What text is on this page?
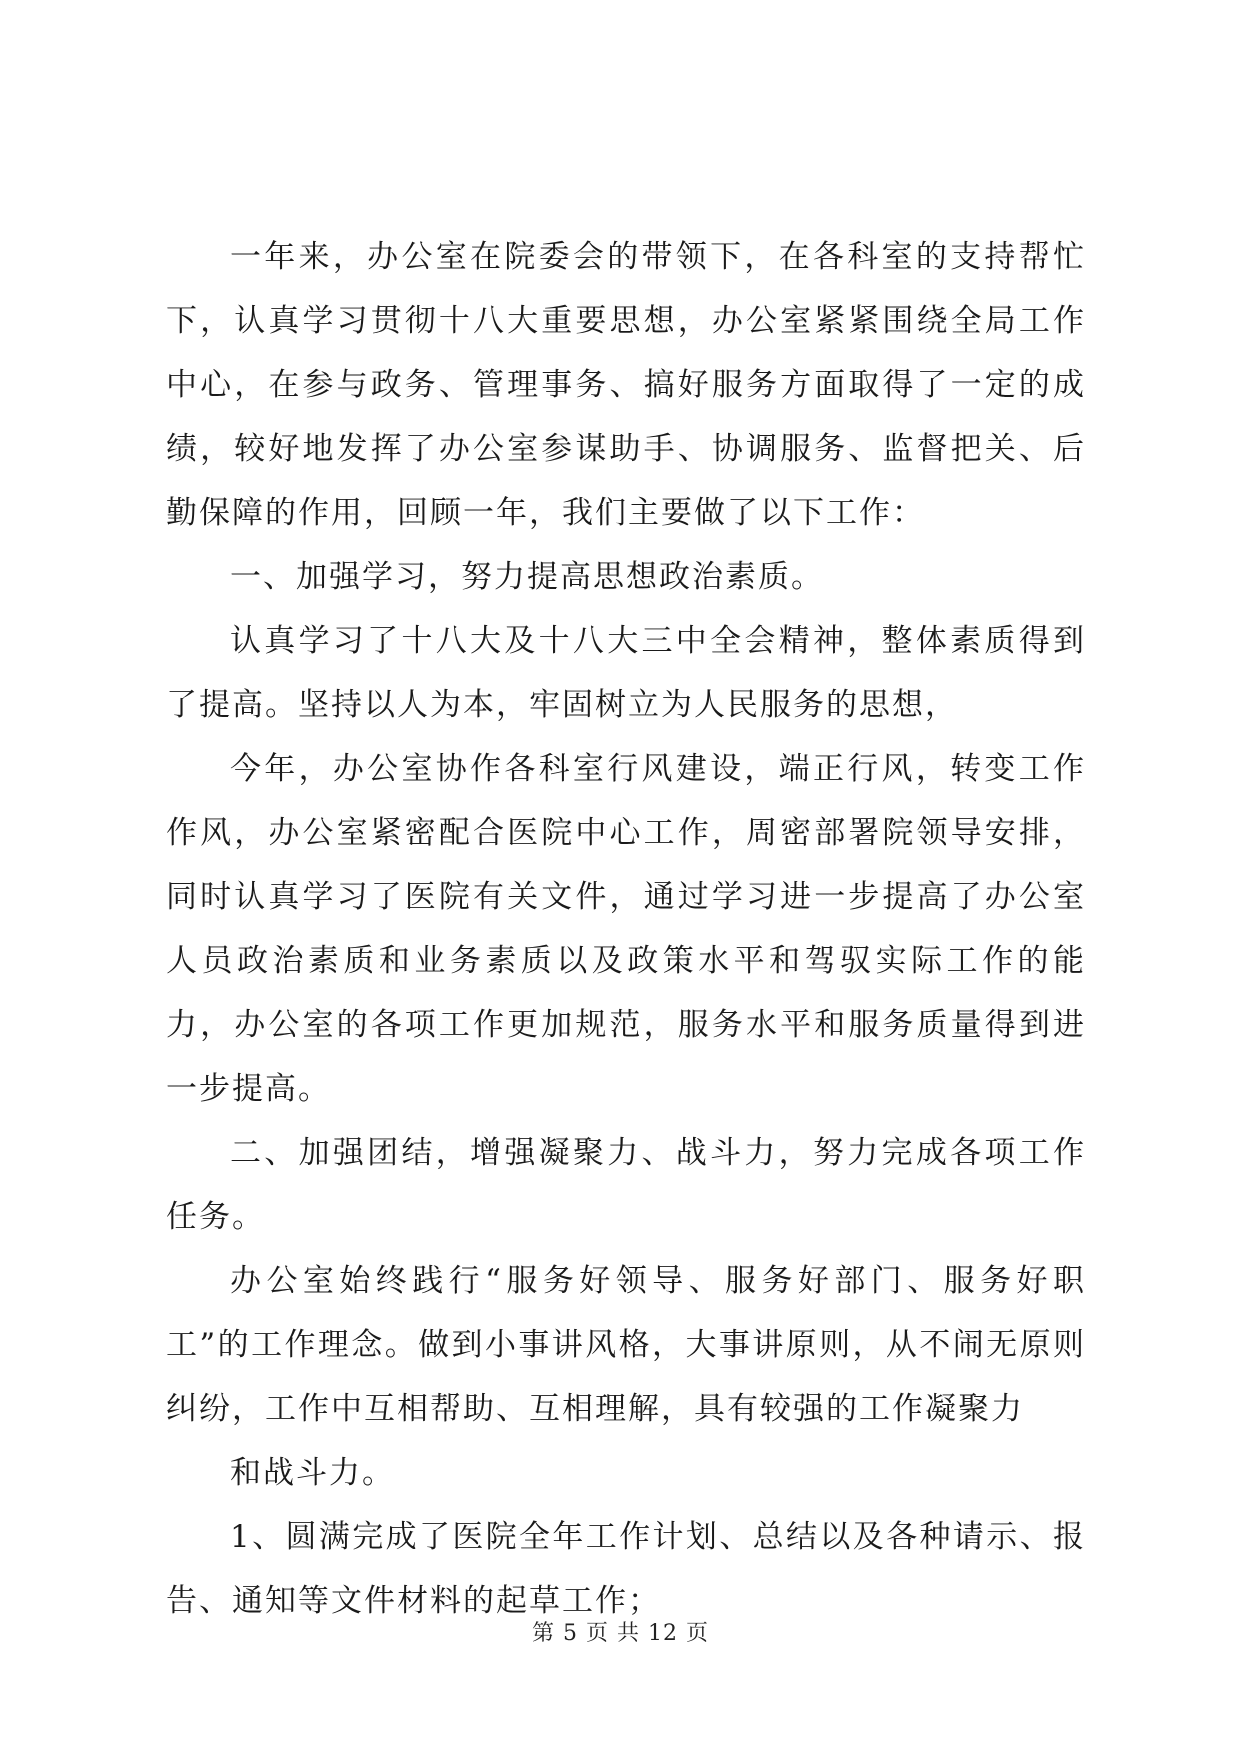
一年来，办公室在院委会的带领下，在各科室的支持帮忙下，认真学习贯彻十八大重要思想，办公室紧紧围绕全局工作中心，在参与政务、管理事务、搞好服务方面取得了一定的成绩，较好地发挥了办公室参谋助手、协调服务、监督把关、后勤保障的作用，回顾一年，我们主要做了以下工作：

一、加强学习，努力提高思想政治素质。

认真学习了十八大及十八大三中全会精神，整体素质得到了提高。坚持以人为本，牢固树立为人民服务的思想，

今年，办公室协作各科室行风建设，端正行风，转变工作作风，办公室紧密配合医院中心工作，周密部署院领导安排，同时认真学习了医院有关文件，通过学习进一步提高了办公室人员政治素质和业务素质以及政策水平和驾驭实际工作的能力，办公室的各项工作更加规范，服务水平和服务质量得到进一步提高。

二、加强团结，增强凝聚力、战斗力，努力完成各项工作任务。

办公室始终践行“服务好领导、服务好部门、服务好职工”的工作理念。做到小事讲风格，大事讲原则，从不闹无原则纠纷，工作中互相帮助、互相理解，具有较强的工作凝聚力

和战斗力。

1、圆满完成了医院全年工作计划、总结以及各种请示、报告、通知等文件材料的起草工作；

第 5 页 共 12 页
